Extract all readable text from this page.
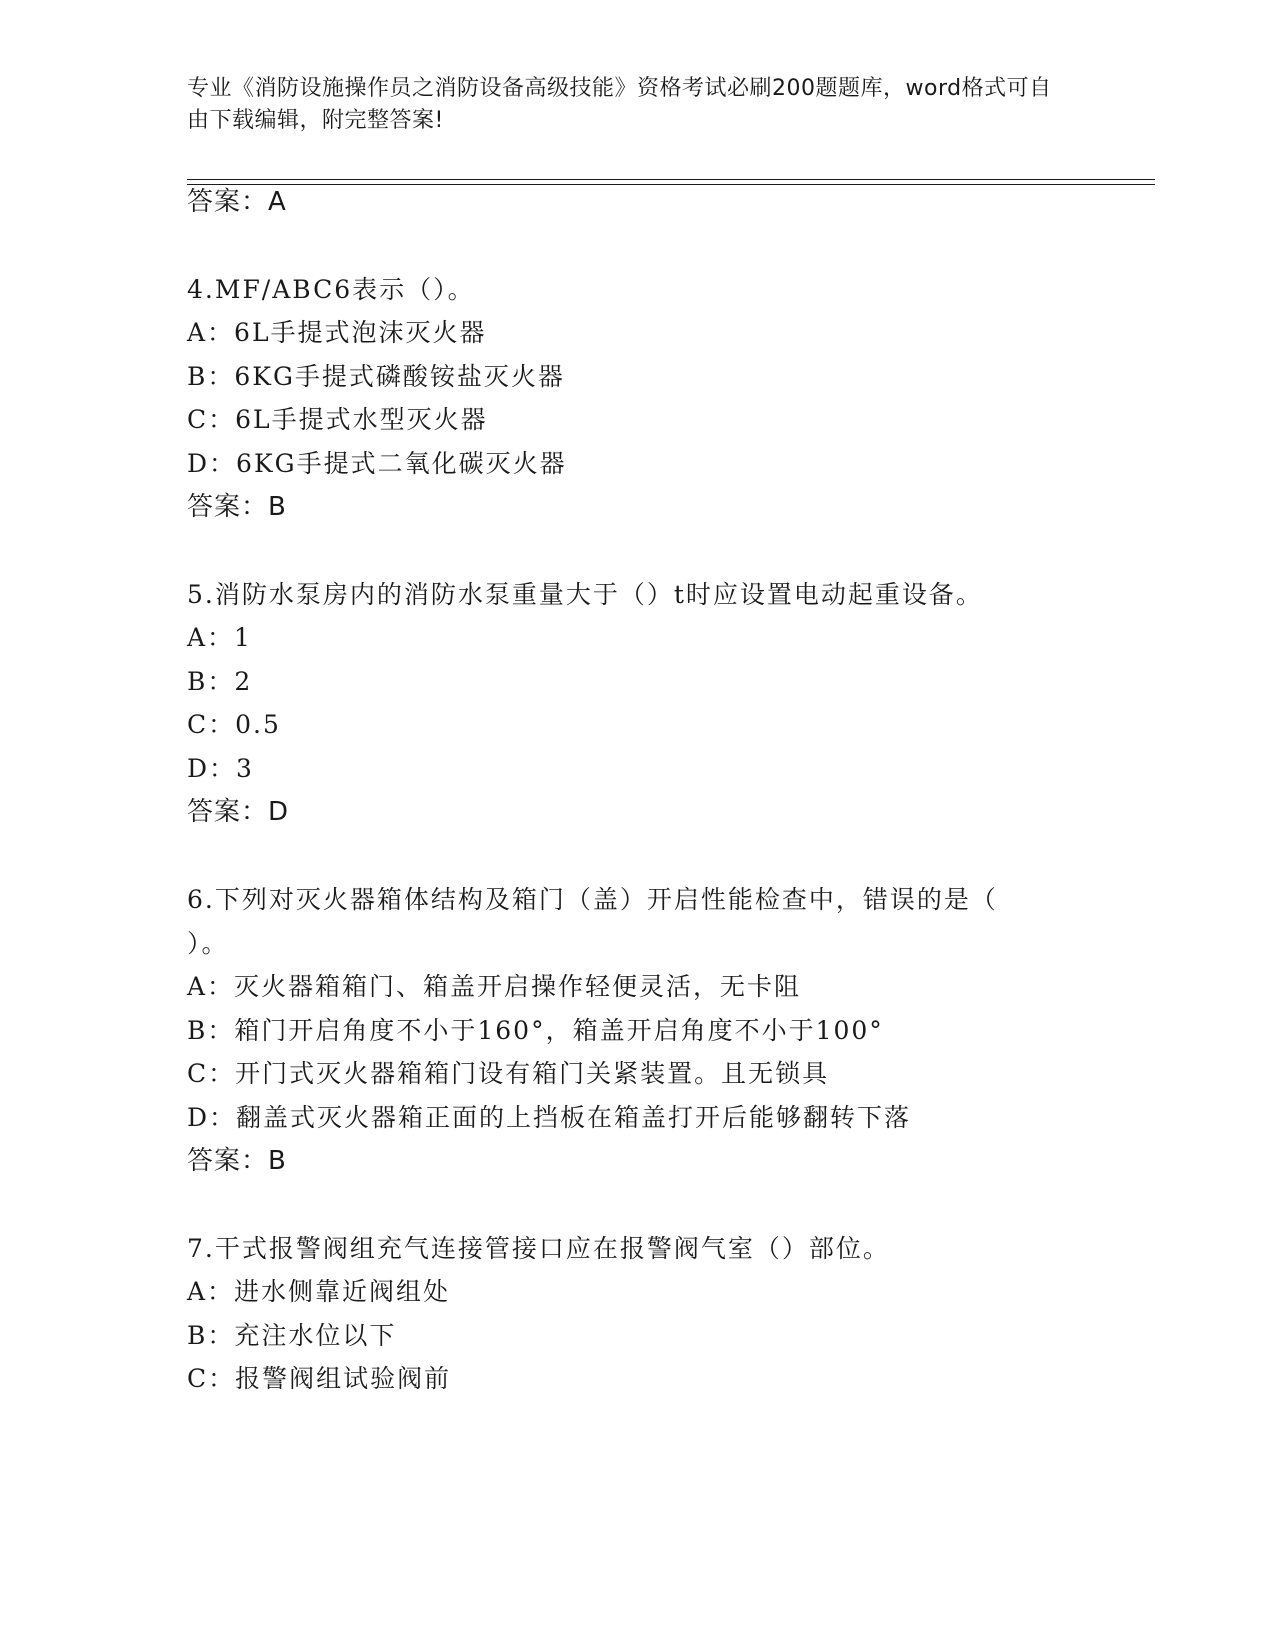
专业《消防设施操作员之消防设备高级技能》资格考试必刷200题题库，word格式可自由下载编辑，附完整答案!
答案：A
4.MF/ABC6表示（）。
A：6L手提式泡沫灭火器
B：6KG手提式磷酸铵盐灭火器
C：6L手提式水型灭火器
D：6KG手提式二氧化碳灭火器
答案：B
5.消防水泵房内的消防水泵重量大于（）t时应设置电动起重设备。
A：1
B：2
C：0.5
D：3
答案：D
6.下列对灭火器箱体结构及箱门（盖）开启性能检查中，错误的是（
）。
A：灭火器箱箱门、箱盖开启操作轻便灵活，无卡阻
B：箱门开启角度不小于160°，箱盖开启角度不小于100°
C：开门式灭火器箱箱门设有箱门关紧装置。且无锁具
D：翻盖式灭火器箱正面的上挡板在箱盖打开后能够翻转下落
答案：B
7.干式报警阀组充气连接管接口应在报警阀气室（）部位。
A：进水侧靠近阀组处
B：充注水位以下
C：报警阀组试验阀前
